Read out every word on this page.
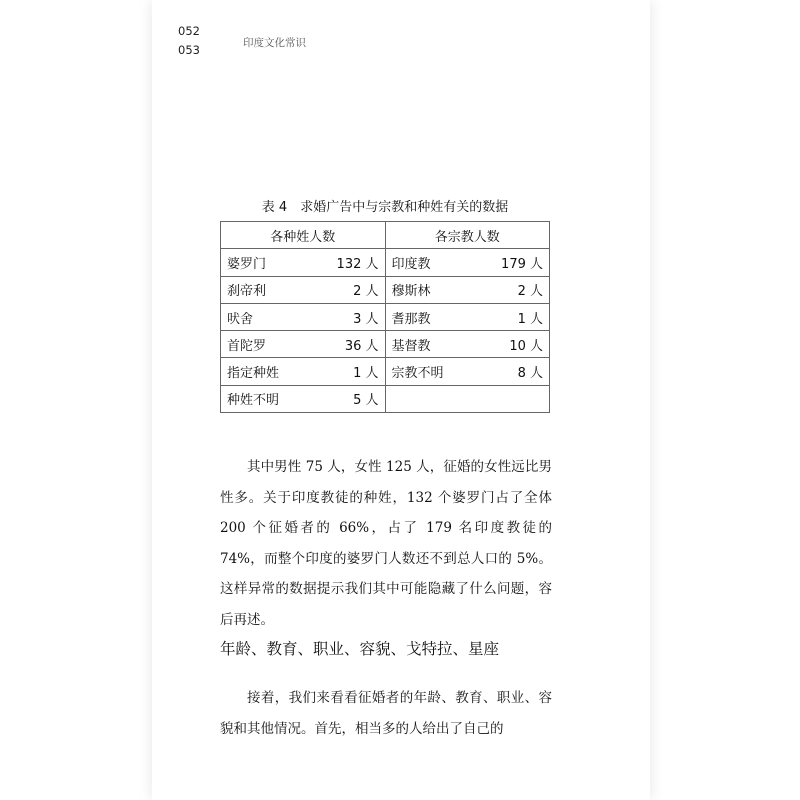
052
053	印度文化常识
表 4　求婚广告中与宗教和种姓有关的数据
各种姓人数	各宗教人数

婆罗门 132 人	印度教 179 人

刹帝利 2 人	穆斯林 2 人

吠舍 3 人	耆那教 1 人

首陀罗 36 人	基督教 10 人

指定种姓 1 人	宗教不明 8 人

种姓不明 5 人	

其中男性 75 人，女性 125 人，征婚的女性远比男性多。关于印度教徒的种姓，132 个婆罗门占了全体 200 个征婚者的 66%，占了 179 名印度教徒的 74%，而整个印度的婆罗门人数还不到总人口的 5%。这样异常的数据提示我们其中可能隐藏了什么问题，容后再述。
年龄、教育、职业、容貌、戈特拉、星座
接着，我们来看看征婚者的年龄、教育、职业、容貌和其他情况。首先，相当多的人给出了自己的
